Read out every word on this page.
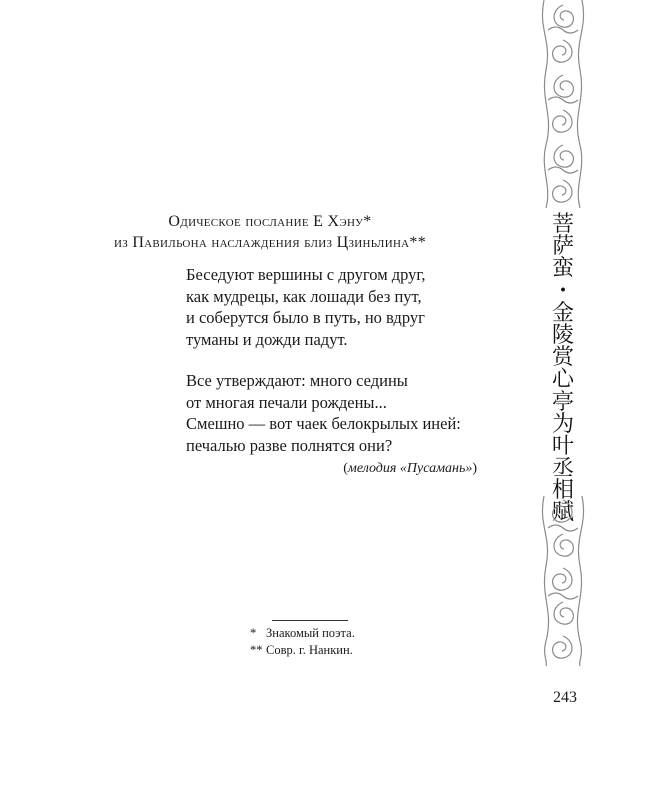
Одическое послание Е Хэну*
из Павильона наслаждения близ Цзиньлина**
Беседуют вершины с другом друг,
как мудрецы, как лошади без пут,
и соберутся было в путь, но вдруг
туманы и дожди падут.
Все утверждают: много седины
от многая печали рождены...
Смешно — вот чаек белокрылых иней:
печалью разве полнятся они?
(мелодия «Пусамань»)
* Знакомый поэта.
** Совр. г. Нанкин.
243
菩
萨
蛮
・
金
陵
赏
心
亭
为
叶
丞
相
赋
